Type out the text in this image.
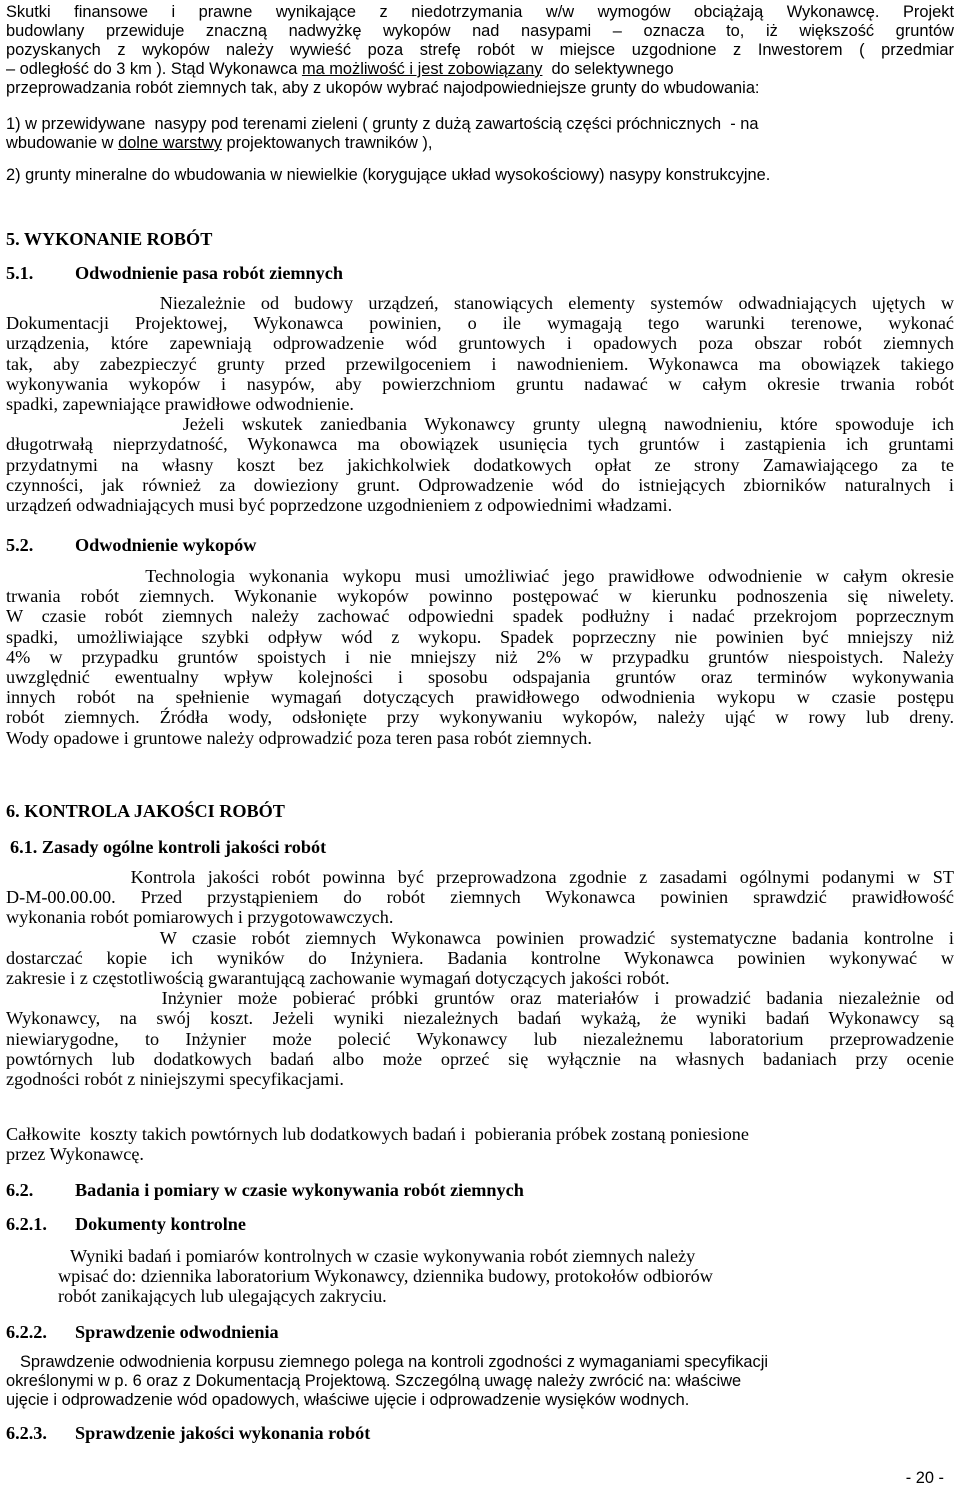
Skutki finansowe i prawne wynikające z niedotrzymania w/w wymogów obciążają Wykonawcę. Projekt
budowlany przewiduje znaczną nadwyżkę wykopów nad nasypami – oznacza to, iż większość gruntów
pozyskanych z wykopów należy wywieść poza strefę robót w miejsce uzgodnione z Inwestorem ( przedmiar
– odległość do 3 km ). Stąd Wykonawca ma możliwość i jest zobowiązany  do selektywnego
przeprowadzania robót ziemnych tak, aby z ukopów wybrać najodpowiedniejsze grunty do wbudowania:
1) w przewidywane  nasypy pod terenami zieleni ( grunty z dużą zawartością części próchnicznych  - na
wbudowanie w dolne warstwy projektowanych trawników ),
2) grunty mineralne do wbudowania w niewielkie (korygujące układ wysokościowy) nasypy konstrukcyjne.
5. WYKONANIE ROBÓT
5.1. Odwodnienie pasa robót ziemnych
Niezależnie od budowy urządzeń, stanowiących elementy systemów odwadniających ujętych w
Dokumentacji Projektowej, Wykonawca powinien, o ile wymagają tego warunki terenowe, wykonać
urządzenia, które zapewniają odprowadzenie wód gruntowych i opadowych poza obszar robót ziemnych
tak, aby zabezpieczyć grunty przed przewilgoceniem i nawodnieniem. Wykonawca ma obowiązek takiego
wykonywania wykopów i nasypów, aby powierzchniom gruntu nadawać w całym okresie trwania robót
spadki, zapewniające prawidłowe odwodnienie.
Jeżeli wskutek zaniedbania Wykonawcy grunty ulegną nawodnieniu, które spowoduje ich
długotrwałą nieprzydatność, Wykonawca ma obowiązek usunięcia tych gruntów i zastąpienia ich gruntami
przydatnymi na własny koszt bez jakichkolwiek dodatkowych opłat ze strony Zamawiającego za te
czynności, jak również za dowieziony grunt. Odprowadzenie wód do istniejących zbiorników naturalnych i
urządzeń odwadniających musi być poprzedzone uzgodnieniem z odpowiednimi władzami.
5.2. Odwodnienie wykopów
Technologia wykonania wykopu musi umożliwiać jego prawidłowe odwodnienie w całym okresie
trwania robót ziemnych. Wykonanie wykopów powinno postępować w kierunku podnoszenia się niwelety.
W czasie robót ziemnych należy zachować odpowiedni spadek podłużny i nadać przekrojom poprzecznym
spadki, umożliwiające szybki odpływ wód z wykopu. Spadek poprzeczny nie powinien być mniejszy niż
4% w przypadku gruntów spoistych i nie mniejszy niż 2% w przypadku gruntów niespoistych. Należy
uwzględnić ewentualny wpływ kolejności i sposobu odspajania gruntów oraz terminów wykonywania
innych robót na spełnienie wymagań dotyczących prawidłowego odwodnienia wykopu w czasie postępu
robót ziemnych. Źródła wody, odsłonięte przy wykonywaniu wykopów, należy ująć w rowy lub dreny.
Wody opadowe i gruntowe należy odprowadzić poza teren pasa robót ziemnych.
6. KONTROLA JAKOŚCI ROBÓT
6.1. Zasady ogólne kontroli jakości robót
Kontrola jakości robót powinna być przeprowadzona zgodnie z zasadami ogólnymi podanymi w ST
D-M-00.00.00. Przed przystąpieniem do robót ziemnych Wykonawca powinien sprawdzić prawidłowość
wykonania robót pomiarowych i przygotowawczych.
W czasie robót ziemnych Wykonawca powinien prowadzić systematyczne badania kontrolne i
dostarczać kopie ich wyników do Inżyniera. Badania kontrolne Wykonawca powinien wykonywać w
zakresie i z częstotliwością gwarantującą zachowanie wymagań dotyczących jakości robót.
Inżynier może pobierać próbki gruntów oraz materiałów i prowadzić badania niezależnie od
Wykonawcy, na swój koszt. Jeżeli wyniki niezależnych badań wykażą, że wyniki badań Wykonawcy są
niewiarygodne, to Inżynier może polecić Wykonawcy lub niezależnemu laboratorium przeprowadzenie
powtórnych lub dodatkowych badań albo może oprzeć się wyłącznie na własnych badaniach przy ocenie
zgodności robót z niniejszymi specyfikacjami.
Całkowite  koszty takich powtórnych lub dodatkowych badań i  pobierania próbek zostaną poniesione
przez Wykonawcę.
6.2. Badania i pomiary w czasie wykonywania robót ziemnych
6.2.1. Dokumenty kontrolne
Wyniki badań i pomiarów kontrolnych w czasie wykonywania robót ziemnych należy
wpisać do: dziennika laboratorium Wykonawcy, dziennika budowy, protokołów odbiorów
robót zanikających lub ulegających zakryciu.
6.2.2. Sprawdzenie odwodnienia
Sprawdzenie odwodnienia korpusu ziemnego polega na kontroli zgodności z wymaganiami specyfikacji
określonymi w p. 6 oraz z Dokumentacją Projektową. Szczególną uwagę należy zwrócić na: właściwe
ujęcie i odprowadzenie wód opadowych, właściwe ujęcie i odprowadzenie wysięków wodnych.
6.2.3. Sprawdzenie jakości wykonania robót
- 20 -
